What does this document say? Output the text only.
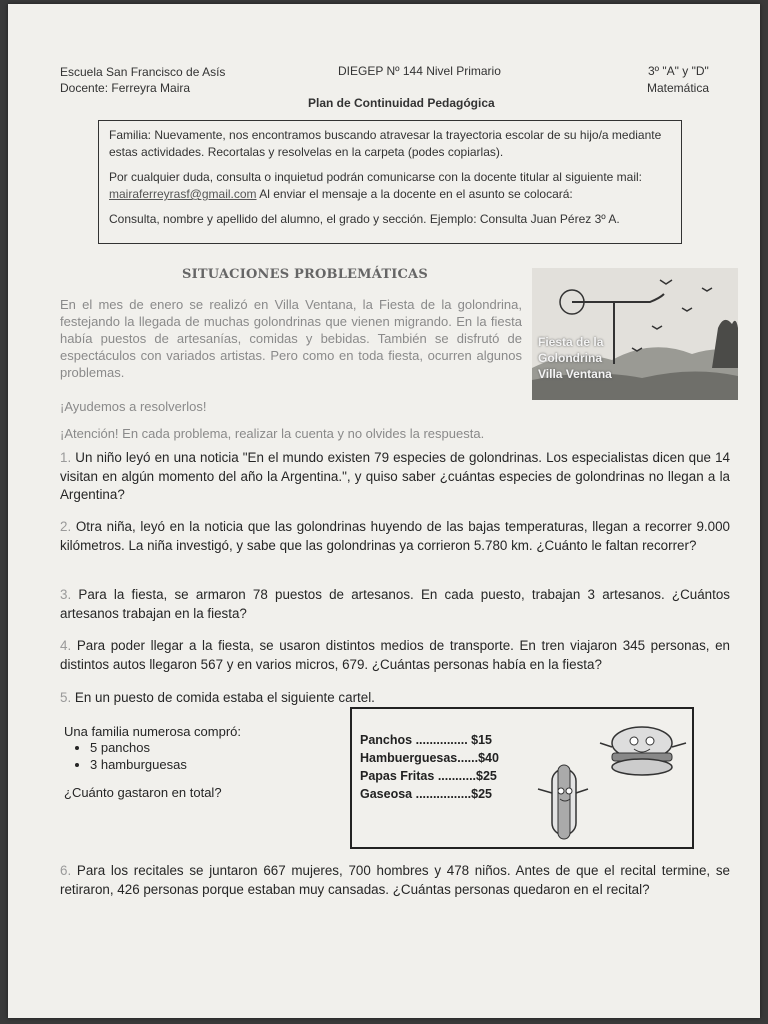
Escuela San Francisco de Asís
Docente: Ferreyra Maira
DIEGEP Nº 144 Nivel Primario	3º "A" y "D"
Matemática
Plan de Continuidad Pedagógica

Familia: Nuevamente, nos encontramos buscando atravesar la trayectoria escolar de su hijo/a mediante estas actividades. Recortalas y resolvelas en la carpeta (podes copiarlas).

Por cualquier duda, consulta o inquietud podrán comunicarse con la docente titular al siguiente mail: mairaferreyrasf@gmail.com Al enviar el mensaje a la docente en el asunto se colocará:

Consulta, nombre y apellido del alumno, el grado y sección. Ejemplo: Consulta Juan Pérez 3º A.

SITUACIONES PROBLEMÁTICAS
En el mes de enero se realizó en Villa Ventana, la Fiesta de la golondrina, festejando la llegada de muchas golondrinas que vienen migrando. En la fiesta había puestos de artesanías, comidas y bebidas. También se disfrutó de espectáculos con variados artistas. Pero como en toda fiesta, ocurren algunos problemas.
¡Ayudemos a resolverlos!
¡Atención! En cada problema, realizar la cuenta y no olvides la respuesta.
Fiesta de la
Golondrina
Villa Ventana
1. Un niño leyó en una noticia "En el mundo existen 79 especies de golondrinas. Los especialistas dicen que 14 visitan en algún momento del año la Argentina.", y quiso saber ¿cuántas especies de golondrinas no llegan a la Argentina?
2. Otra niña, leyó en la noticia que las golondrinas huyendo de las bajas temperaturas, llegan a recorrer 9.000 kilómetros. La niña investigó, y sabe que las golondrinas ya corrieron 5.780 km. ¿Cuánto le faltan recorrer?
3. Para la fiesta, se armaron 78 puestos de artesanos. En cada puesto, trabajan 3 artesanos. ¿Cuántos artesanos trabajan en la fiesta?
4. Para poder llegar a la fiesta, se usaron distintos medios de transporte. En tren viajaron 345 personas, en distintos autos llegaron 567 y en varios micros, 679. ¿Cuántas personas había en la fiesta?
5. En un puesto de comida estaba el siguiente cartel.
Una familia numerosa compró:
• 5 panchos
• 3 hamburguesas
¿Cuánto gastaron en total?
Panchos ............... $15
Hambuerguesas......$40
Papas Fritas ...........$25
Gaseosa ................$25
6. Para los recitales se juntaron 667 mujeres, 700 hombres y 478 niños. Antes de que el recital termine, se retiraron, 426 personas porque estaban muy cansadas. ¿Cuántas personas quedaron en el recital?
